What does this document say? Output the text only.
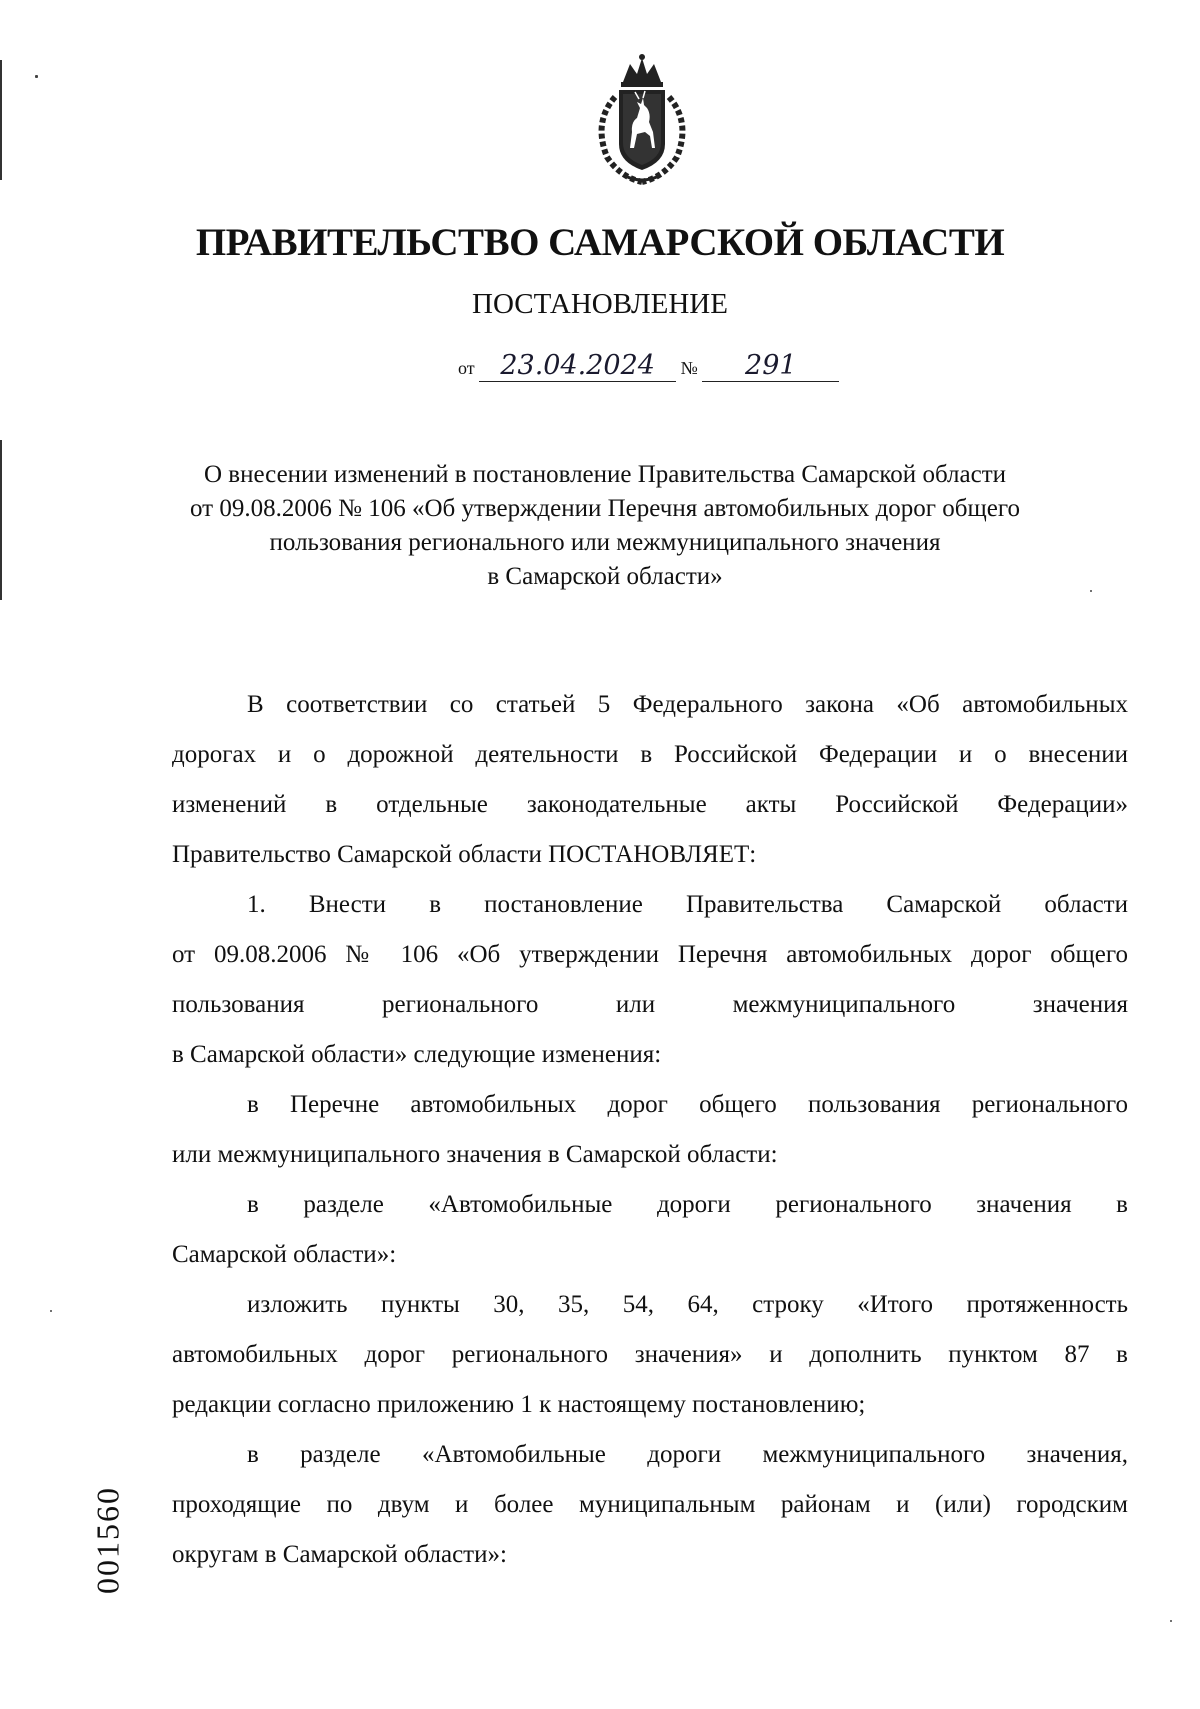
ПРАВИТЕЛЬСТВО САМАРСКОЙ ОБЛАСТИ
ПОСТАНОВЛЕНИЕ
от 23.04.2024 № 291
О внесении изменений в постановление Правительства Самарской области
от 09.08.2006 № 106 «Об утверждении Перечня автомобильных дорог общего
пользования регионального или межмуниципального значения
в Самарской области»
В соответствии со статьей 5 Федерального закона «Об автомобильных
дорогах и о дорожной деятельности в Российской Федерации и о внесении
изменений в отдельные законодательные акты Российской Федерации»
Правительство Самарской области ПОСТАНОВЛЯЕТ:
1. Внести в постановление Правительства Самарской области
от 09.08.2006 № 106 «Об утверждении Перечня автомобильных дорог общего
пользования регионального или межмуниципального значения
в Самарской области» следующие изменения:
в Перечне автомобильных дорог общего пользования регионального
или межмуниципального значения в Самарской области:
в разделе «Автомобильные дороги регионального значения в
Самарской области»:
изложить пункты 30, 35, 54, 64, строку «Итого протяженность
автомобильных дорог регионального значения» и дополнить пунктом 87 в
редакции согласно приложению 1 к настоящему постановлению;
в разделе «Автомобильные дороги межмуниципального значения,
проходящие по двум и более муниципальным районам и (или) городским
округам в Самарской области»:
001560
